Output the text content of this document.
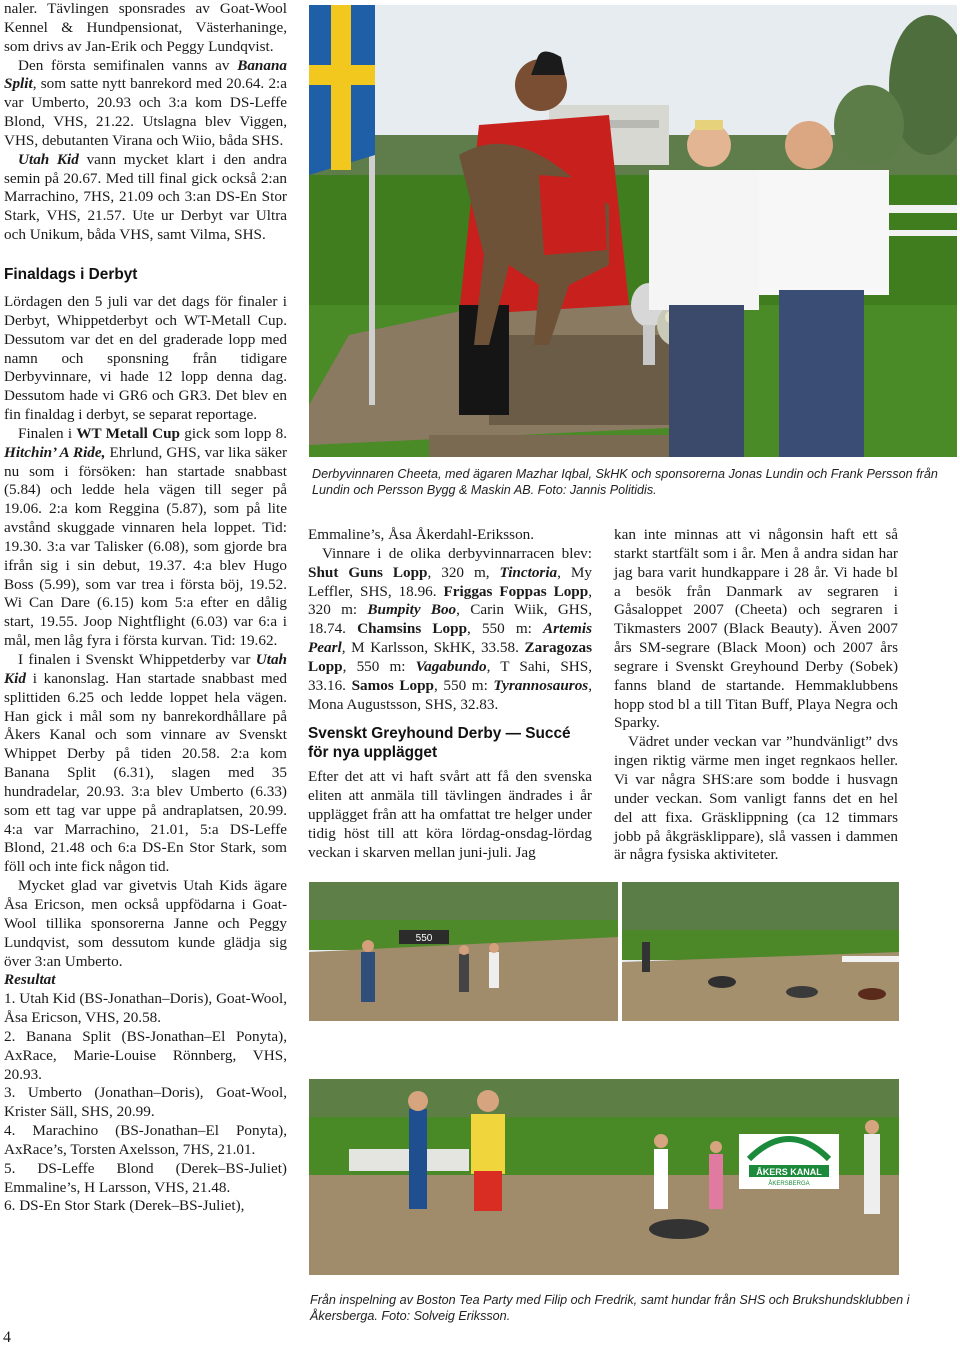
naler. Tävlingen sponsrades av Goat-Wool Kennel & Hundpensionat, Västerhaninge, som drivs av Jan-Erik och Peggy Lundqvist.

Den första semifinalen vanns av Banana Split, som satte nytt banrekord med 20.64. 2:a var Umberto, 20.93 och 3:a kom DS-Leffe Blond, VHS, 21.22. Utslagna blev Viggen, VHS, debutanten Virana och Wiio, båda SHS.

Utah Kid vann mycket klart i den andra semin på 20.67. Med till final gick också 2:an Marrachino, 7HS, 21.09 och 3:an DS-En Stor Stark, VHS, 21.57. Ute ur Derbyt var Ultra och Unikum, båda VHS, samt Vilma, SHS.

Finaldags i Derbyt

Lördagen den 5 juli var det dags för finaler i Derbyt, Whippetderbyt och WT-Metall Cup. Dessutom var det en del graderade lopp med namn och sponsning från tidigare Derbyvinnare, vi hade 12 lopp denna dag. Dessutom hade vi GR6 och GR3. Det blev en fin finaldag i derbyt, se separat reportage.

Finalen i WT Metall Cup gick som lopp 8. Hitchin’ A Ride, Ehrlund, GHS, var lika säker nu som i försöken: han startade snabbast (5.84) och ledde hela vägen till seger på 19.06. 2:a kom Reggina (5.87), som på lite avstånd skuggade vinnaren hela loppet. Tid: 19.30. 3:a var Talisker (6.08), som gjorde bra ifrån sig i sin debut, 19.37. 4:a blev Hugo Boss (5.99), som var trea i första böj, 19.52. Wi Can Dare (6.15) kom 5:a efter en dålig start, 19.55. Joop Nightflight (6.03) var 6:a i mål, men låg fyra i första kurvan. Tid: 19.62.

I finalen i Svenskt Whippetderby var Utah Kid i kanonslag. Han startade snabbast med splittiden 6.25 och ledde loppet hela vägen. Han gick i mål som ny banrekordhållare på Åkers Kanal och som vinnare av Svenskt Whippet Derby på tiden 20.58. 2:a kom Banana Split (6.31), slagen med 35 hundradelar, 20.93. 3:a blev Umberto (6.33) som ett tag var uppe på andraplatsen, 20.99. 4:a var Marrachino, 21.01, 5:a DS-Leffe Blond, 21.48 och 6:a DS-En Stor Stark, som föll och inte fick någon tid.

Mycket glad var givetvis Utah Kids ägare Åsa Ericson, men också uppfödarna i Goat-Wool tillika sponsorerna Janne och Peggy Lundqvist, som dessutom kunde glädja sig över 3:an Umberto.

Resultat

1. Utah Kid (BS-Jonathan–Doris), Goat-Wool, Åsa Ericson, VHS, 20.58.

2. Banana Split (BS-Jonathan–El Ponyta), AxRace, Marie-Louise Rönnberg, VHS, 20.93.

3. Umberto (Jonathan–Doris), Goat-Wool, Krister Säll, SHS, 20.99.

4. Marachino (BS-Jonathan–El Ponyta), AxRace’s, Torsten Axelsson, 7HS, 21.01.

5. DS-Leffe Blond (Derek–BS-Juliet) Emmaline’s, H Larsson, VHS, 21.48.

6. DS-En Stor Stark (Derek–BS-Juliet),

Derbyvinnaren Cheeta, med ägaren Mazhar Iqbal, SkHK och sponsorerna Jonas Lundin och Frank Persson från Lundin och Persson Bygg & Maskin AB. Foto: Jannis Politidis.

Emmaline’s, Åsa Åkerdahl-Eriksson.

Vinnare i de olika derbyvinnarracen blev: Shut Guns Lopp, 320 m, Tinctoria, My Leffler, SHS, 18.96. Friggas Foppas Lopp, 320 m: Bumpity Boo, Carin Wiik, GHS, 18.74. Chamsins Lopp, 550 m: Artemis Pearl, M Karlsson, SkHK, 33.58. Zaragozas Lopp, 550 m: Vagabundo, T Sahi, SHS, 33.16. Samos Lopp, 550 m: Tyrannosauros, Mona Augustsson, SHS, 32.83.

Svenskt Greyhound Derby — Succé för nya upplägget

Efter det att vi haft svårt att få den svenska eliten att anmäla till tävlingen ändrades i år upplägget från att ha omfattat tre helger under tidig höst till att köra lördag-onsdag-lördag veckan i skarven mellan juni-juli. Jag

kan inte minnas att vi någonsin haft ett så starkt startfält som i år. Men å andra sidan har jag bara varit hundkappare i 28 år. Vi hade bl a besök från Danmark av segraren i Gåsaloppet 2007 (Cheeta) och segraren i Tikmasters 2007 (Black Beauty). Även 2007 års SM-segrare (Black Moon) och 2007 års segrare i Svenskt Greyhound Derby (Sobek) fanns bland de startande. Hemmaklubbens hopp stod bl a till Titan Buff, Playa Negra och Sparky.

Vädret under veckan var ”hundvänligt” dvs ingen riktig värme men inget regnkaos heller. Vi var några SHS:are som bodde i husvagn under veckan. Som vanligt fanns det en hel del att fixa. Gräsklippning (ca 12 timmars jobb på åkgräsklippare), slå vassen i dammen är några fysiska aktiviteter.

550
ÅKERS KANAL
ÅKERSBERGA

Från inspelning av Boston Tea Party med Filip och Fredrik, samt hundar från SHS och Brukshundsklubben i Åkersberga. Foto: Solveig Eriksson.

4
